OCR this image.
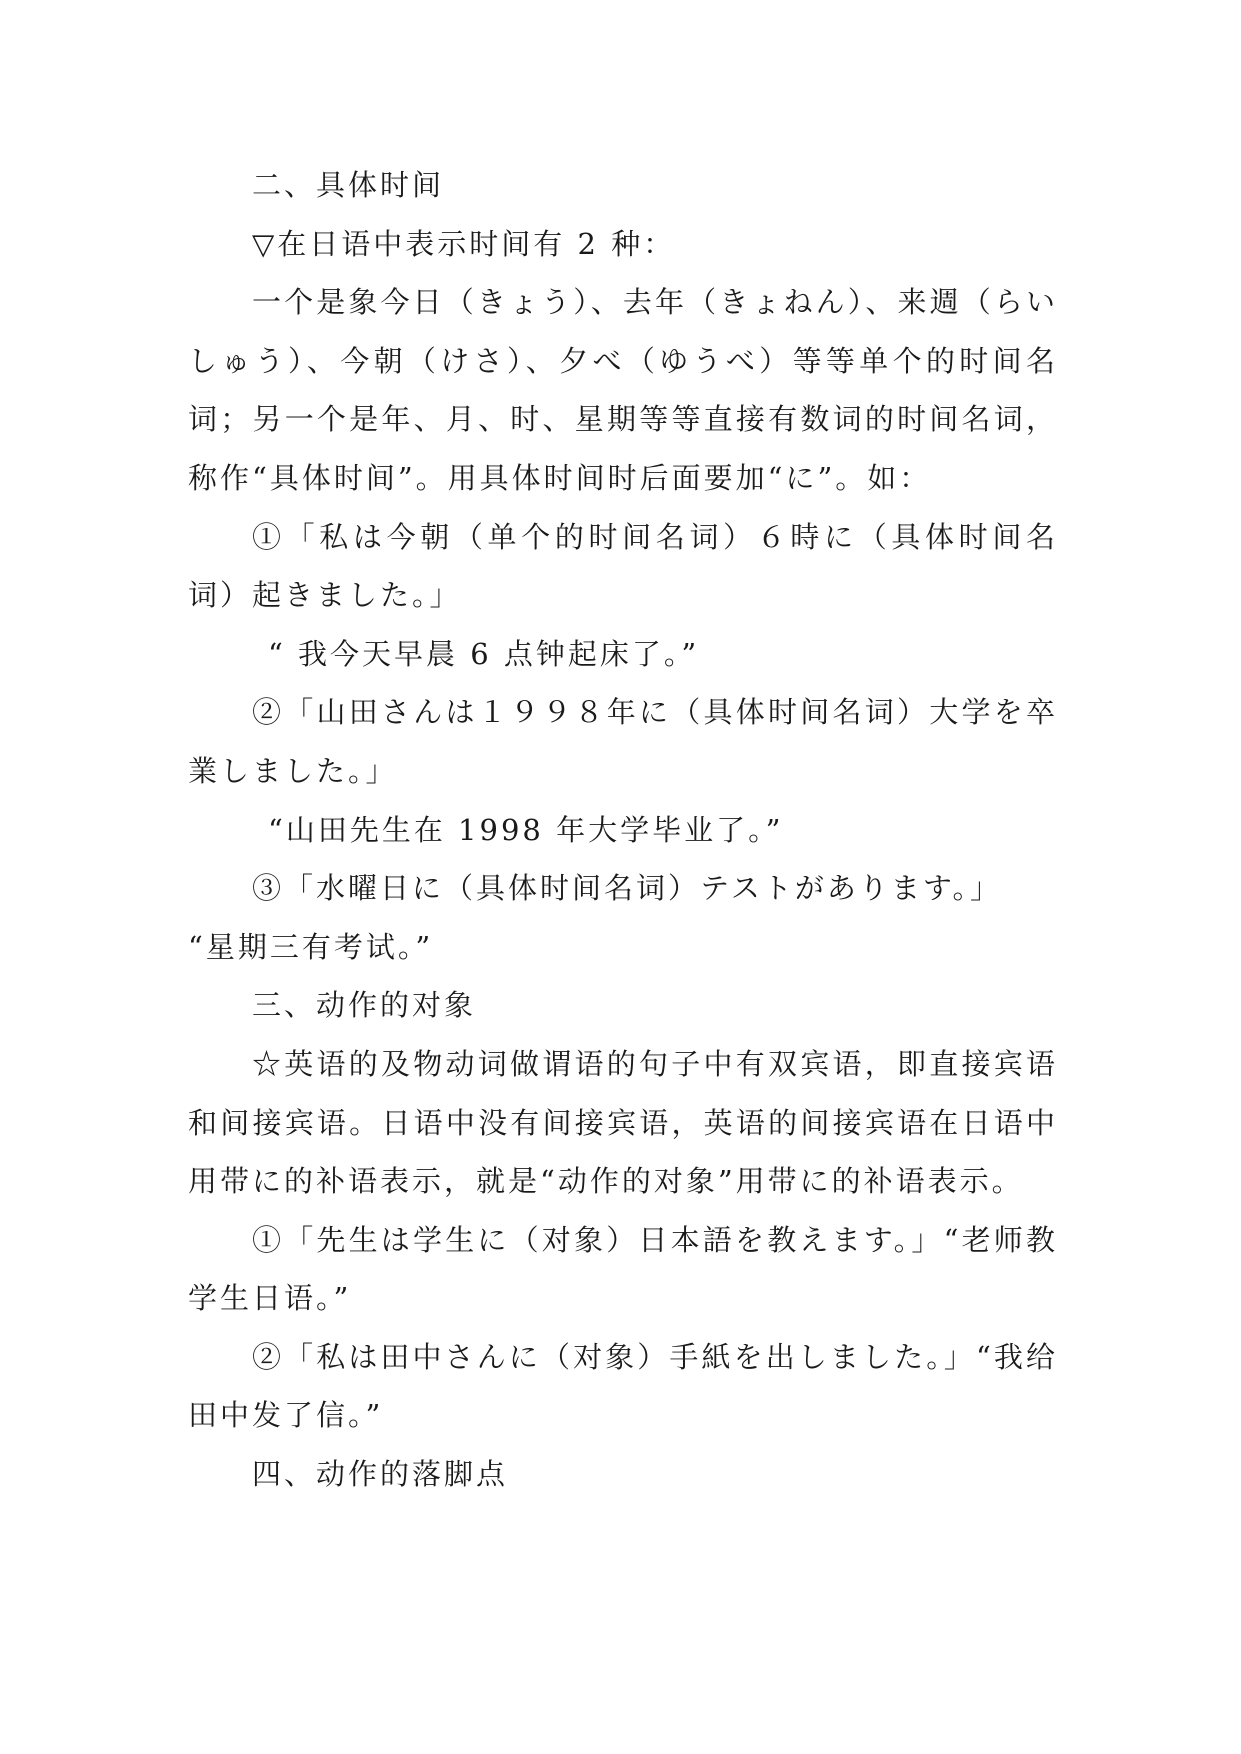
二、具体时间

▽在日语中表示时间有 2 种：

一个是象今日（きょう）、去年（きょねん）、来週（らいしゅう）、今朝（けさ）、夕べ（ゆうべ）等等单个的时间名词；另一个是年、月、时、星期等等直接有数词的时间名词，称作“具体时间”。用具体时间时后面要加“に”。如：

①「私は今朝（单个的时间名词）６時に（具体时间名词）起きました。」

“ 我今天早晨 6 点钟起床了。”

②「山田さんは１９９８年に（具体时间名词）大学を卒業しました。」

“山田先生在 1998 年大学毕业了。”

③「水曜日に（具体时间名词）テストがあります。」

“星期三有考试。”

三、动作的对象

☆英语的及物动词做谓语的句子中有双宾语，即直接宾语和间接宾语。日语中没有间接宾语，英语的间接宾语在日语中用带に的补语表示，就是“动作的对象”用带に的补语表示。

①「先生は学生に（对象）日本語を教えます。」“老师教学生日语。”

②「私は田中さんに（对象）手紙を出しました。」“我给田中发了信。”

四、动作的落脚点
